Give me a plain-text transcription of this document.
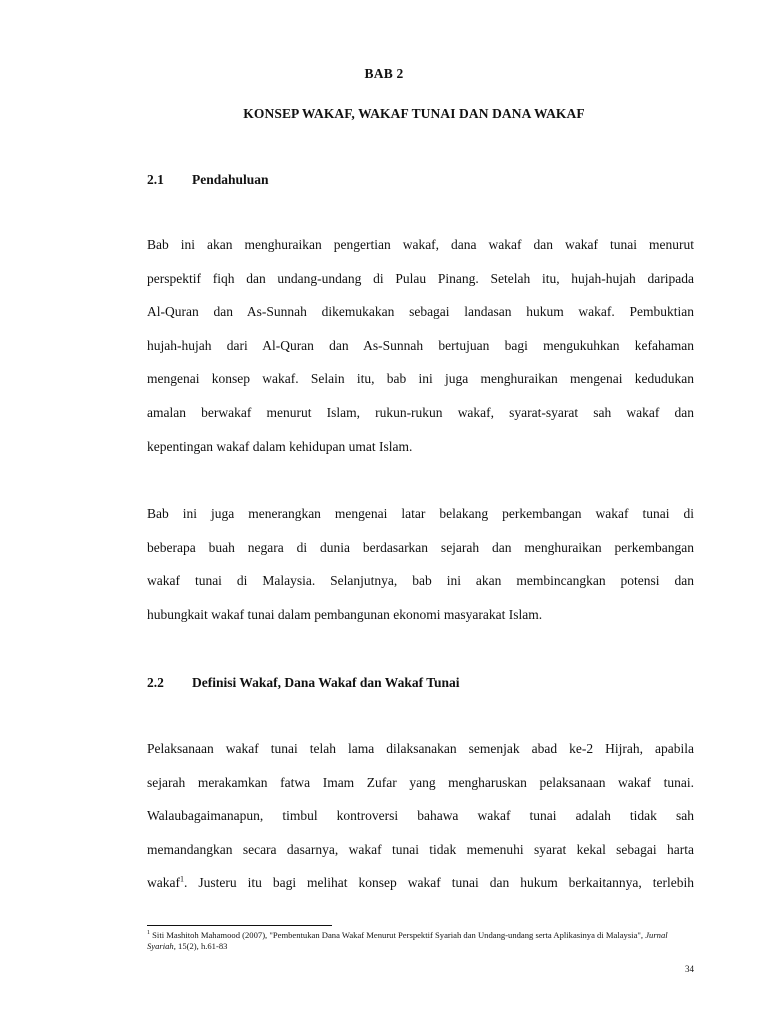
BAB 2
KONSEP WAKAF, WAKAF TUNAI DAN DANA WAKAF
2.1 Pendahuluan
Bab ini akan menghuraikan pengertian wakaf, dana wakaf dan wakaf tunai menurut
perspektif fiqh dan undang-undang di Pulau Pinang. Setelah itu, hujah-hujah daripada
Al-Quran dan As-Sunnah dikemukakan sebagai landasan hukum wakaf. Pembuktian
hujah-hujah dari Al-Quran dan As-Sunnah bertujuan bagi mengukuhkan kefahaman
mengenai konsep wakaf. Selain itu, bab ini juga menghuraikan mengenai kedudukan
amalan berwakaf menurut Islam, rukun-rukun wakaf, syarat-syarat sah wakaf dan
kepentingan wakaf dalam kehidupan umat Islam.
Bab ini juga menerangkan mengenai latar belakang perkembangan wakaf tunai di
beberapa buah negara di dunia berdasarkan sejarah dan menghuraikan perkembangan
wakaf tunai di Malaysia. Selanjutnya, bab ini akan membincangkan potensi dan
hubungkait wakaf tunai dalam pembangunan ekonomi masyarakat Islam.
2.2 Definisi Wakaf, Dana Wakaf dan Wakaf Tunai
Pelaksanaan wakaf tunai telah lama dilaksanakan semenjak abad ke-2 Hijrah, apabila
sejarah merakamkan fatwa Imam Zufar yang mengharuskan pelaksanaan wakaf tunai.
Walaubagaimanapun, timbul kontroversi bahawa wakaf tunai adalah tidak sah
memandangkan secara dasarnya, wakaf tunai tidak memenuhi syarat kekal sebagai harta
wakaf$^1$. Justeru itu bagi melihat konsep wakaf tunai dan hukum berkaitannya, terlebih
$^1$ Siti Mashitoh Mahamood (2007), "Pembentukan Dana Wakaf Menurut Perspektif Syariah dan Undang-undang serta Aplikasinya di Malaysia", Jurnal Syariah, 15(2), h.61-83
34
